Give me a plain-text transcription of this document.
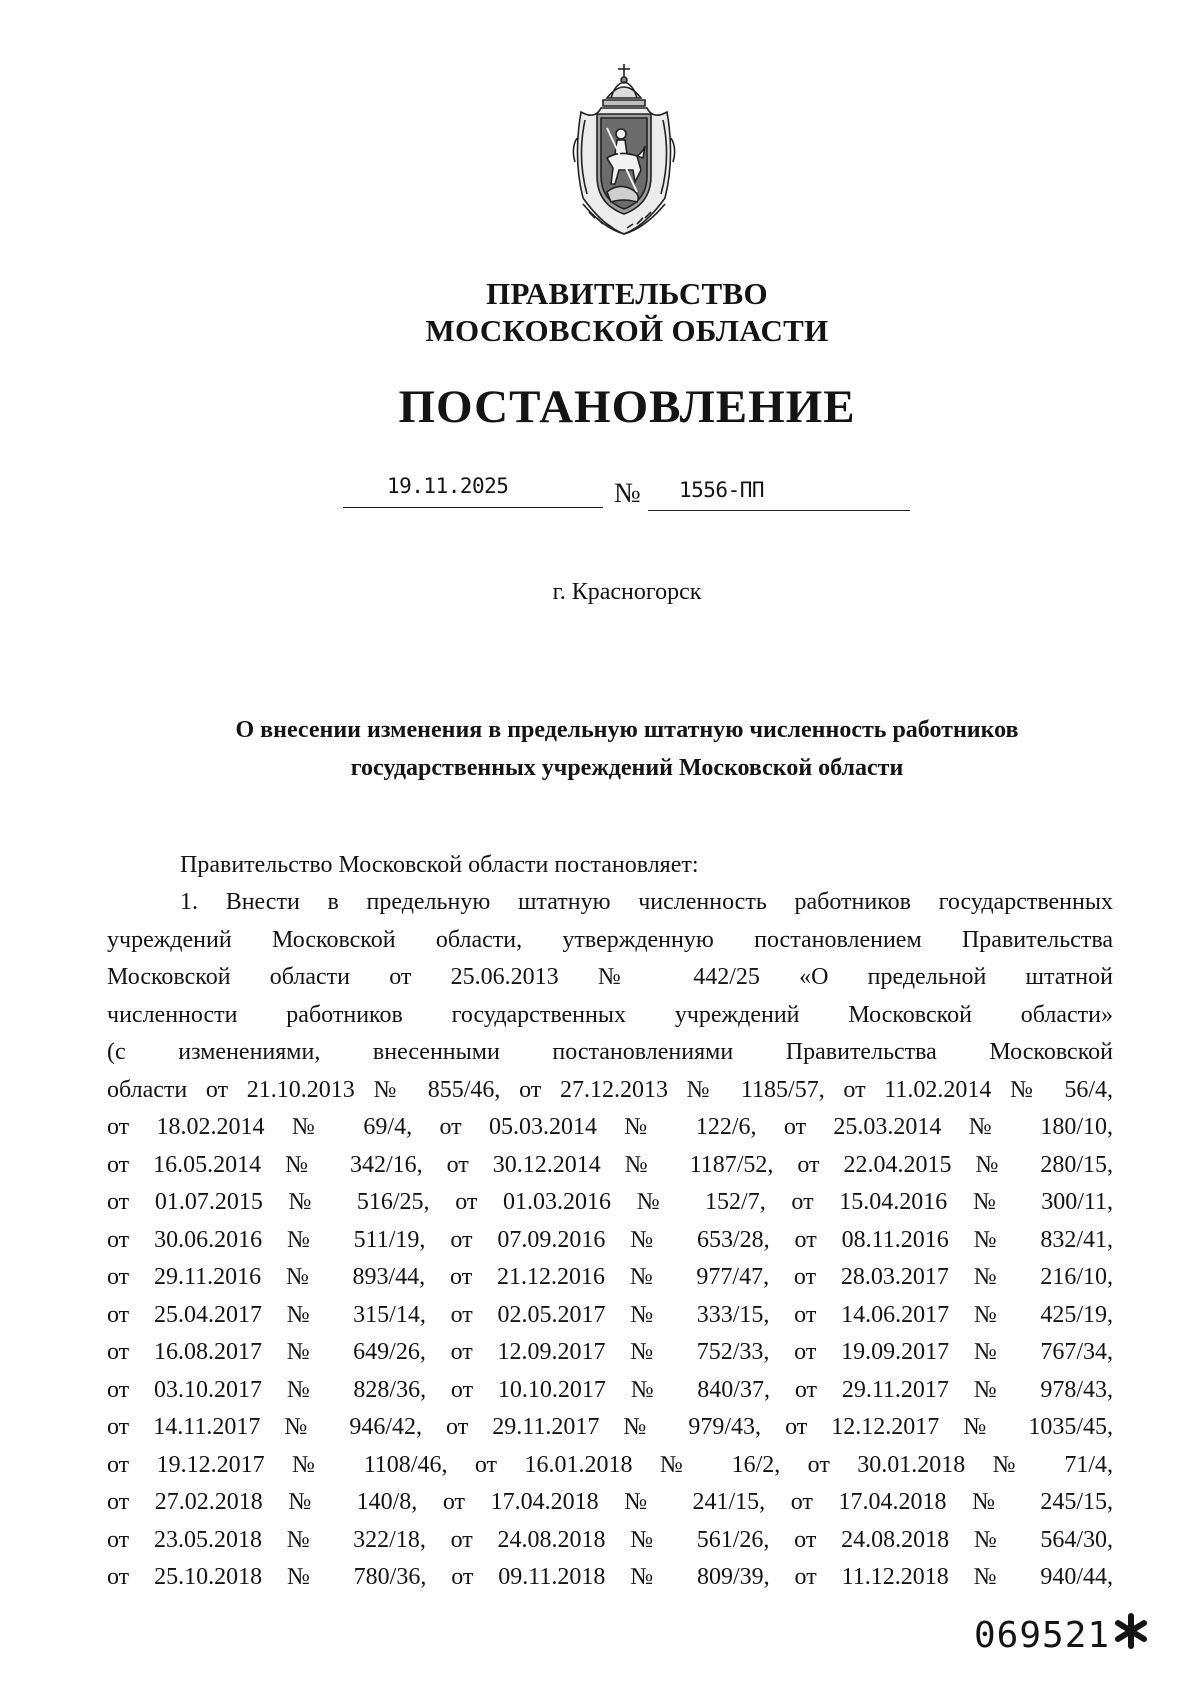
ПРАВИТЕЛЬСТВО
МОСКОВСКОЙ ОБЛАСТИ
ПОСТАНОВЛЕНИЕ
19.11.2025	№ 1556-ПП
г. Красногорск
О внесении изменения в предельную штатную численность работников
государственных учреждений Московской области

Правительство Московской области постановляет:

1. Внести в предельную штатную численность работников государственных
учреждений Московской области, утвержденную постановлением Правительства
Московской области от 25.06.2013 № 442/25 «О предельной штатной
численности работников государственных учреждений Московской области»
(с изменениями, внесенными постановлениями Правительства Московской
области от 21.10.2013 № 855/46, от 27.12.2013 № 1185/57, от 11.02.2014 № 56/4,
от 18.02.2014 № 69/4, от 05.03.2014 № 122/6, от 25.03.2014 № 180/10,
от 16.05.2014 № 342/16, от 30.12.2014 № 1187/52, от 22.04.2015 № 280/15,
от 01.07.2015 № 516/25, от 01.03.2016 № 152/7, от 15.04.2016 № 300/11,
от 30.06.2016 № 511/19, от 07.09.2016 № 653/28, от 08.11.2016 № 832/41,
от 29.11.2016 № 893/44, от 21.12.2016 № 977/47, от 28.03.2017 № 216/10,
от 25.04.2017 № 315/14, от 02.05.2017 № 333/15, от 14.06.2017 № 425/19,
от 16.08.2017 № 649/26, от 12.09.2017 № 752/33, от 19.09.2017 № 767/34,
от 03.10.2017 № 828/36, от 10.10.2017 № 840/37, от 29.11.2017 № 978/43,
от 14.11.2017 № 946/42, от 29.11.2017 № 979/43, от 12.12.2017 № 1035/45,
от 19.12.2017 № 1108/46, от 16.01.2018 № 16/2, от 30.01.2018 № 71/4,
от 27.02.2018 № 140/8, от 17.04.2018 № 241/15, от 17.04.2018 № 245/15,
от 23.05.2018 № 322/18, от 24.08.2018 № 561/26, от 24.08.2018 № 564/30,
от 25.10.2018 № 780/36, от 09.11.2018 № 809/39, от 11.12.2018 № 940/44,
069521
